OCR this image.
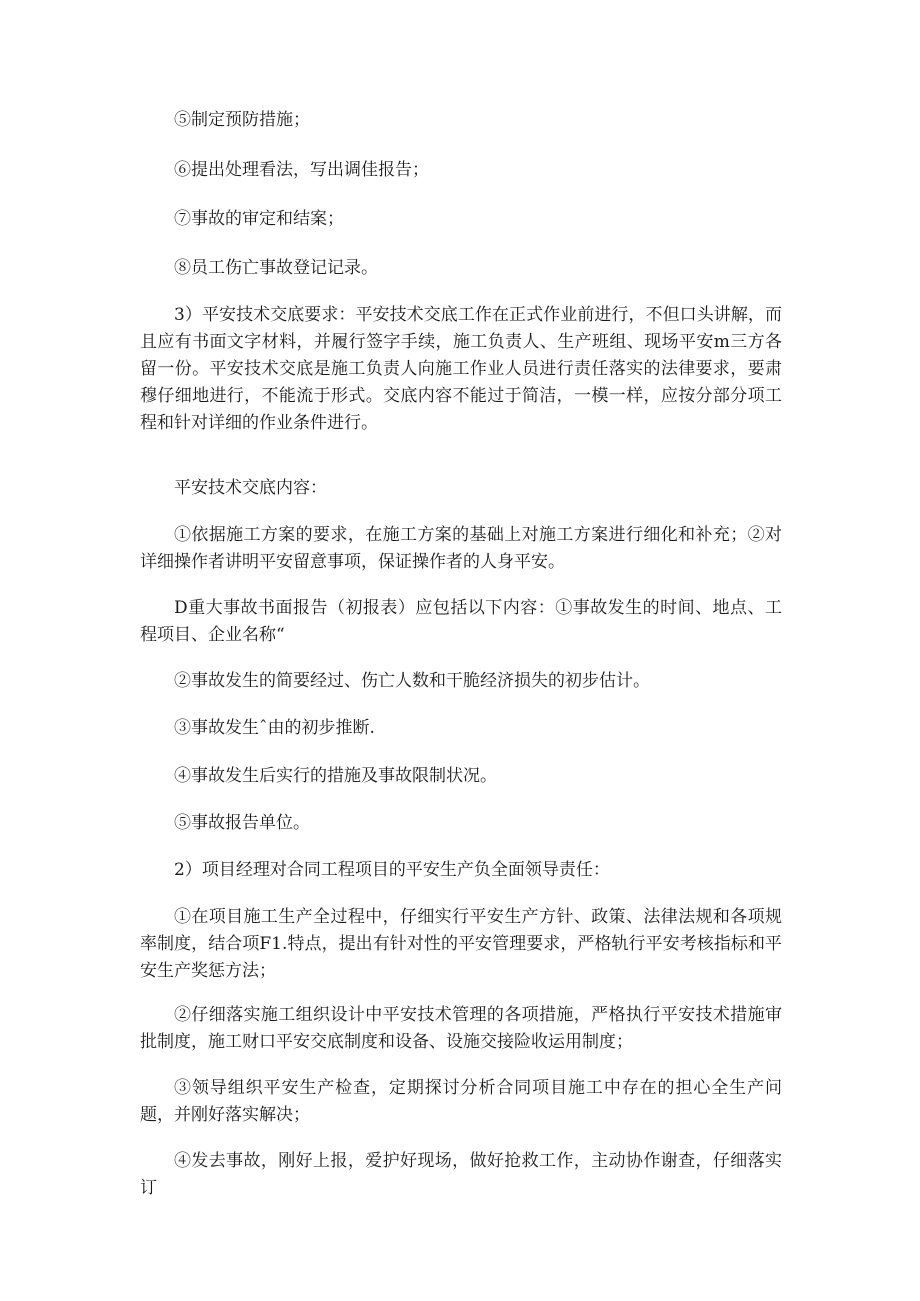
⑤制定预防措施；

⑥提出处理看法，写出调佳报告；

⑦事故的审定和结案；

⑧员工伤亡事故登记记录。

3）平安技术交底要求：平安技术交底工作在正式作业前进行，不但口头讲解，而且应有书面文字材料，并履行签字手续，施工负责人、生产班组、现场平安m三方各留一份。平安技术交底是施工负责人向施工作业人员进行责任落实的法律要求，要肃穆仔细地进行，不能流于形式。交底内容不能过于简洁，一模一样，应按分部分项工程和针对详细的作业条件进行。

平安技术交底内容：

①依据施工方案的要求，在施工方案的基础上对施工方案进行细化和补充；②对详细操作者讲明平安留意事项，保证操作者的人身平安。

D重大事故书面报告（初报表）应包括以下内容：①事故发生的时间、地点、工程项目、企业名称“

②事故发生的简要经过、伤亡人数和干脆经济损失的初步估计。

③事故发生ˆ由的初步推断.

④事故发生后实行的措施及事故限制状况。

⑤事故报告单位。

2）项目经理对合同工程项目的平安生产负全面领导责任：

①在项目施工生产全过程中，仔细实行平安生产方针、政策、法律法规和各项规率制度，结合项F1.特点，提出有针对性的平安管理要求，严格轨行平安考核指标和平安生产奖惩方法；

②仔细落实施工组织设计中平安技术管理的各项措施，严格执行平安技术措施审批制度，施工财口平安交底制度和设备、设施交接险收运用制度；

③领导组织平安生产检查，定期探讨分析合同项目施工中存在的担心全生产问题，并刚好落实解决；

④发去事故，刚好上报，爱护好现场，做好抢救工作，主动协作谢查，仔细落实订
